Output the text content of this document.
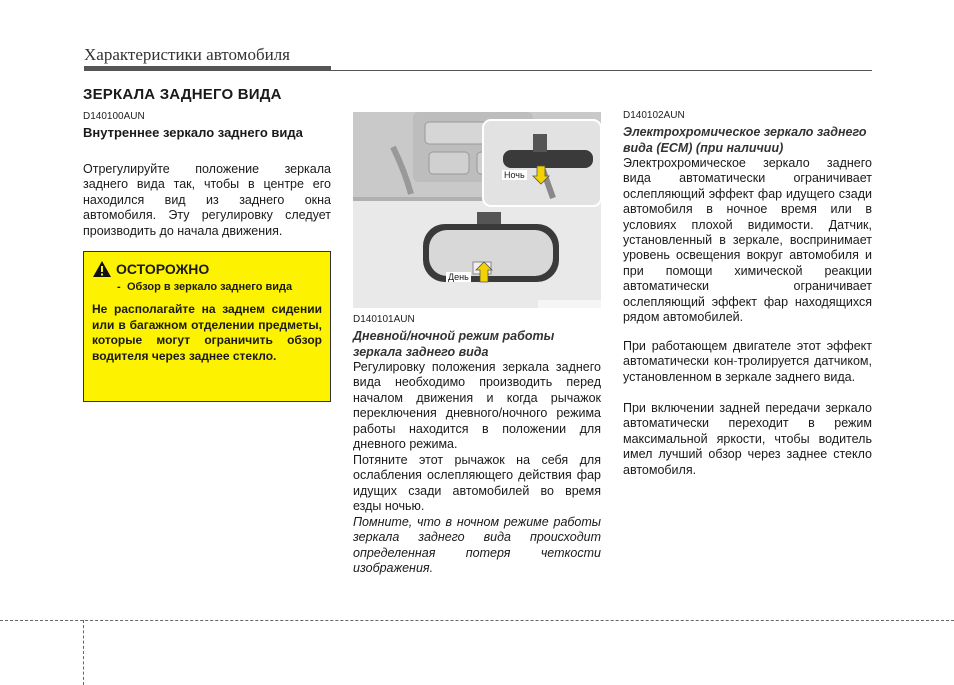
Характеристики автомобиля
ЗЕРКАЛА ЗАДНЕГО ВИДА
D140100AUN
Внутреннее зеркало заднего вида
Отрегулируйте положение зеркала заднего вида так, чтобы в центре его находился вид из заднего окна автомобиля. Эту регулировку следует производить до начала движения.
ОСТОРОЖНО
- Обзор в зеркало заднего вида
Не располагайте на заднем сидении или в багажном отделении предметы, которые могут ограничить обзор водителя через заднее стекло.
Ночь
День
D140101AUN
Дневной/ночной режим работы зеркала заднего вида
Регулировку положения зеркала заднего вида необходимо производить перед началом движения и когда рычажок переключения дневного/ночного режима работы находится в положении для дневного режима.
Потяните этот рычажок на себя для ослабления ослепляющего действия фар идущих сзади автомобилей во время езды ночью.
Помните, что в ночном режиме работы зеркала заднего вида происходит определенная потеря четкости изображения.
D140102AUN
Электрохромическое зеркало заднего вида (ECM) (при наличии)
Электрохромическое зеркало заднего вида автоматически ограничивает ослепляющий эффект фар идущего сзади автомобиля в ночное время или в условиях плохой видимости. Датчик, установленный в зеркале, воспринимает уровень освещения вокруг автомобиля и при помощи химической реакции автоматически ограничивает ослепляющий эффект фар находящихся рядом автомобилей.
При работающем двигателе этот эффект автоматически кон-тролируется датчиком, установленном в зеркале заднего вида.
При включении задней передачи зеркало автоматически переходит в режим максимальной яркости, чтобы водитель имел лучший обзор через заднее стекло автомобиля.
